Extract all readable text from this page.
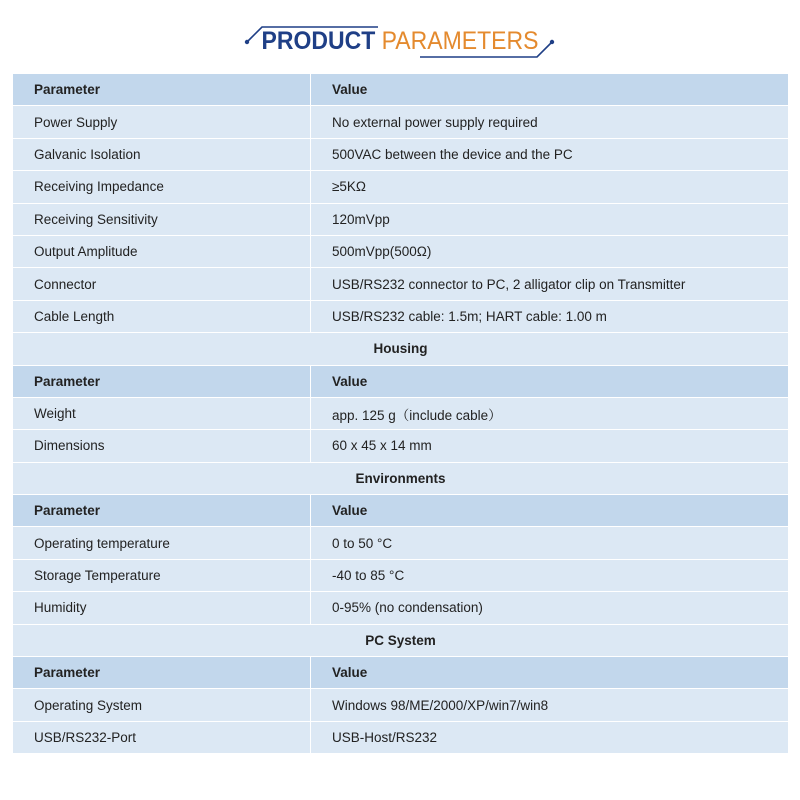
PRODUCT PARAMETERS
Parameter	Value
Power Supply	No external power supply required
Galvanic Isolation	500VAC between the device and the PC
Receiving Impedance	≥5KΩ
Receiving Sensitivity	120mVpp
Output Amplitude	500mVpp(500Ω)
Connector	USB/RS232 connector to PC, 2 alligator clip on Transmitter
Cable Length	USB/RS232 cable: 1.5m; HART cable: 1.00 m
Housing	
Parameter	Value
Weight	app. 125 g（include cable）
Dimensions	60 x 45 x 14 mm
Environments	
Parameter	Value
Operating temperature	0 to 50 °C
Storage Temperature	-40 to 85 °C
Humidity	0-95% (no condensation)
PC System	
Parameter	Value
Operating System	Windows 98/ME/2000/XP/win7/win8
USB/RS232-Port	USB-Host/RS232
